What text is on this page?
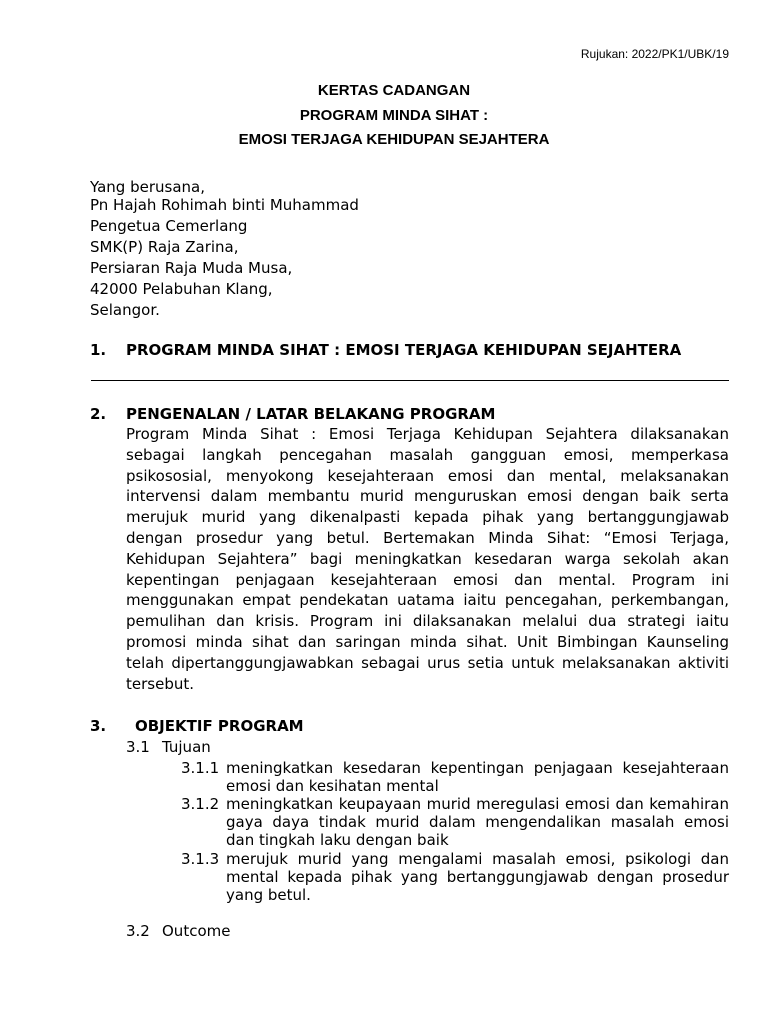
Rujukan: 2022/PK1/UBK/19
KERTAS CADANGAN
PROGRAM MINDA SIHAT :
EMOSI TERJAGA KEHIDUPAN SEJAHTERA
Yang berusana,
Pn Hajah Rohimah binti Muhammad
Pengetua Cemerlang
SMK(P) Raja Zarina,
Persiaran Raja Muda Musa,
42000 Pelabuhan Klang,
Selangor.
1. PROGRAM MINDA SIHAT : EMOSI TERJAGA KEHIDUPAN SEJAHTERA
2. PENGENALAN / LATAR BELAKANG PROGRAM
Program Minda Sihat : Emosi Terjaga Kehidupan Sejahtera dilaksanakan
sebagai langkah pencegahan masalah gangguan emosi, memperkasa
psikososial, menyokong kesejahteraan emosi dan mental, melaksanakan
intervensi dalam membantu murid menguruskan emosi dengan baik serta
merujuk murid yang dikenalpasti kepada pihak yang bertanggungjawab
dengan prosedur yang betul. Bertemakan Minda Sihat: “Emosi Terjaga,
Kehidupan Sejahtera” bagi meningkatkan kesedaran warga sekolah akan
kepentingan penjagaan kesejahteraan emosi dan mental. Program ini
menggunakan empat pendekatan uatama iaitu pencegahan, perkembangan,
pemulihan dan krisis. Program ini dilaksanakan melalui dua strategi iaitu
promosi minda sihat dan saringan minda sihat. Unit Bimbingan Kaunseling
telah dipertanggungjawabkan sebagai urus setia untuk melaksanakan aktiviti
tersebut.
3. OBJEKTIF PROGRAM
3.1 Tujuan
3.1.1 meningkatkan kesedaran kepentingan penjagaan kesejahteraan
emosi dan kesihatan mental
3.1.2 meningkatkan keupayaan murid meregulasi emosi dan kemahiran
gaya daya tindak murid dalam mengendalikan masalah emosi
dan tingkah laku dengan baik
3.1.3 merujuk murid yang mengalami masalah emosi, psikologi dan
mental kepada pihak yang bertanggungjawab dengan prosedur
yang betul.
3.2 Outcome
